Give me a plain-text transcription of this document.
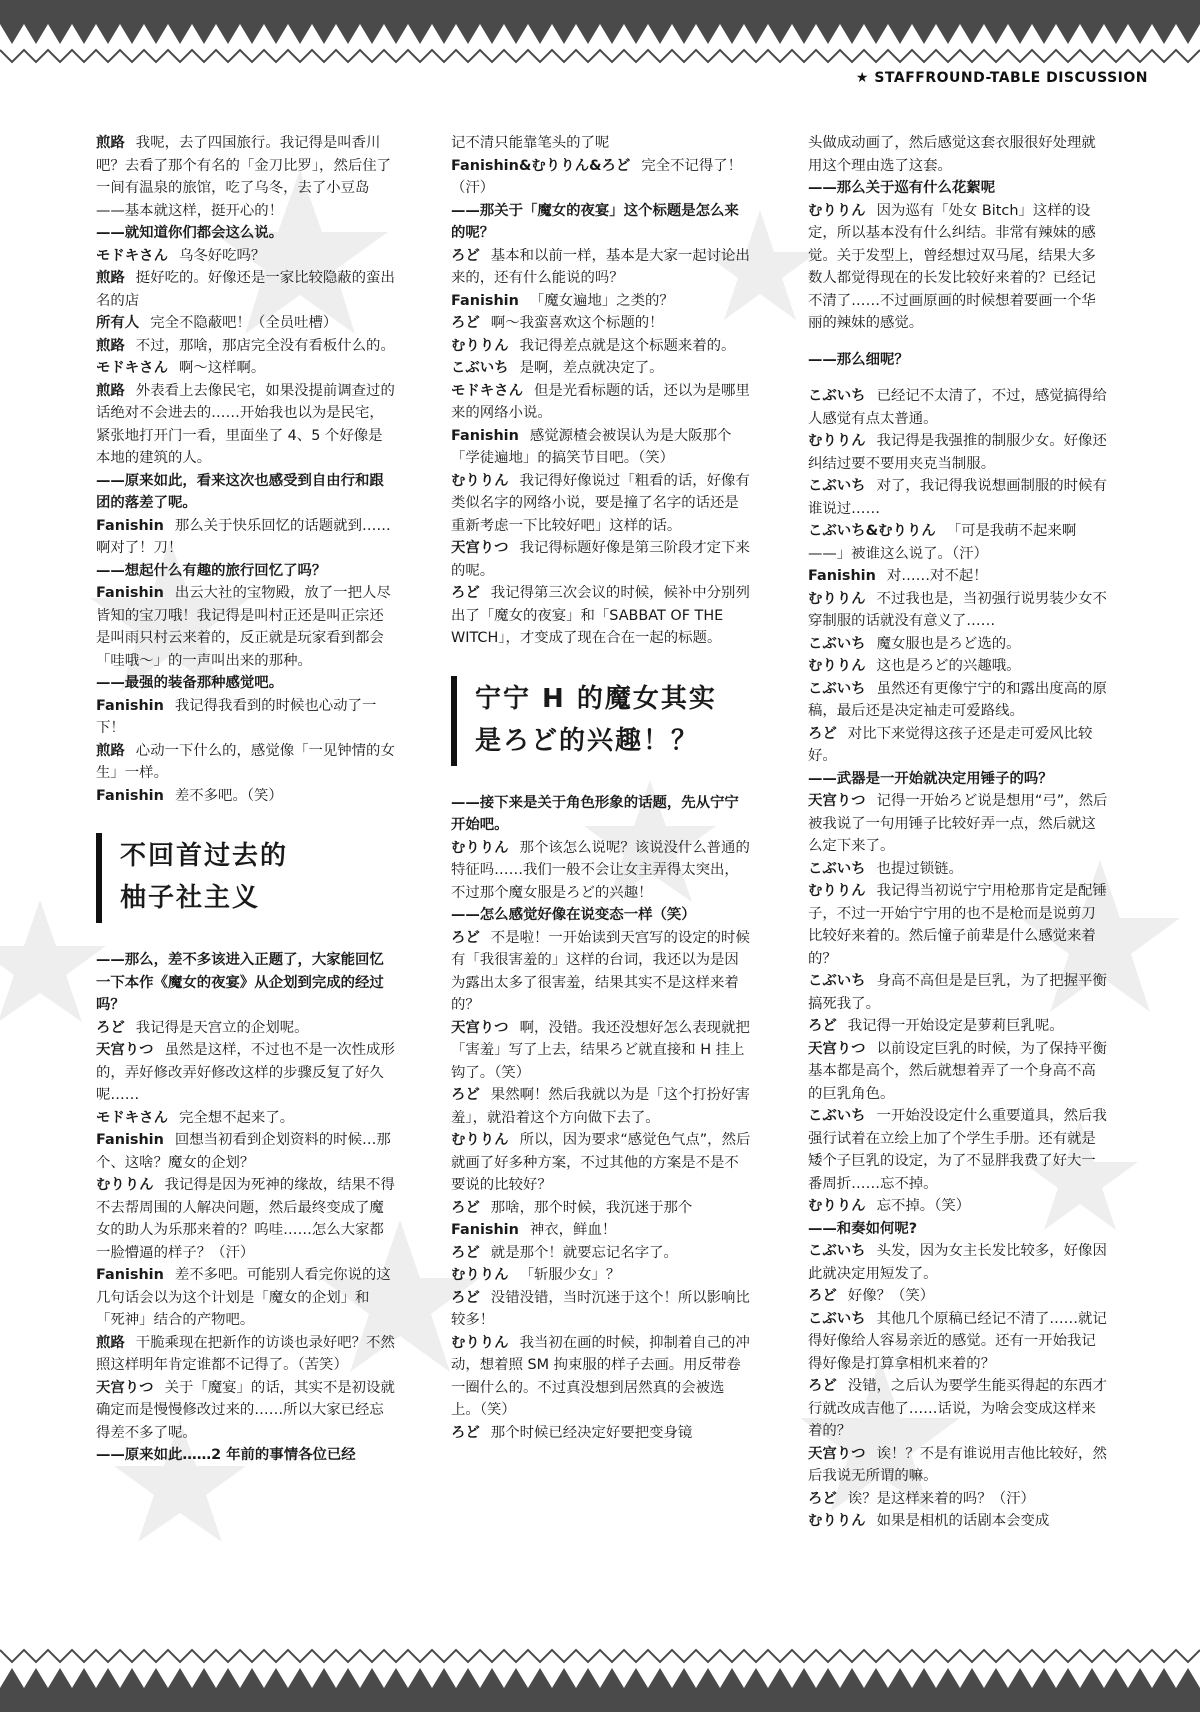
★ STAFFROUND-TABLE DISCUSSION

煎路 我呢，去了四国旅行。我记得是叫香川吧？去看了那个有名的「金刀比罗」，然后住了一间有温泉的旅馆，吃了乌冬，去了小豆岛——基本就这样，挺开心的！

——就知道你们都会这么说。

モドキさん 乌冬好吃吗？

煎路 挺好吃的。好像还是一家比较隐蔽的蛮出名的店

所有人 完全不隐蔽吧！（全员吐槽）

煎路 不过，那啥，那店完全没有看板什么的。

モドキさん 啊～这样啊。

煎路 外表看上去像民宅，如果没提前调查过的话绝对不会进去的……开始我也以为是民宅，紧张地打开门一看，里面坐了 4、5 个好像是本地的建筑的人。

——原来如此，看来这次也感受到自由行和跟团的落差了呢。

Fanishin 那么关于快乐回忆的话题就到……啊对了！刀！

——想起什么有趣的旅行回忆了吗？

Fanishin 出云大社的宝物殿，放了一把人尽皆知的宝刀哦！我记得是叫村正还是叫正宗还是叫雨只村云来着的，反正就是玩家看到都会「哇哦～」的一声叫出来的那种。

——最强的装备那种感觉吧。

Fanishin 我记得我看到的时候也心动了一下！

煎路 心动一下什么的，感觉像「一见钟情的女生」一样。

Fanishin 差不多吧。（笑）

不回首过去的
柚子社主义

——那么，差不多该进入正题了，大家能回忆一下本作《魔女的夜宴》从企划到完成的经过吗？

ろど 我记得是天宫立的企划呢。

天宫りつ 虽然是这样，不过也不是一次性成形的，弄好修改弄好修改这样的步骤反复了好久呢……

モドキさん 完全想不起来了。

Fanishin 回想当初看到企划资料的时候…那个、这啥？魔女的企划？

むりりん 我记得是因为死神的缘故，结果不得不去帮周围的人解决问题，然后最终变成了魔女的助人为乐那来着的？呜哇……怎么大家都一脸懵逼的样子？（汗）

Fanishin 差不多吧。可能别人看完你说的这几句话会以为这个计划是「魔女的企划」和「死神」结合的产物吧。

煎路 干脆乘现在把新作的访谈也录好吧？不然照这样明年肯定谁都不记得了。（苦笑）

天宫りつ 关于「魔宴」的话，其实不是初设就确定而是慢慢修改过来的……所以大家已经忘得差不多了呢。

——原来如此……2 年前的事情各位已经

记不清只能靠笔头的了呢

Fanishin&むりりん&ろど 完全不记得了！（汗）

——那关于「魔女的夜宴」这个标题是怎么来的呢？

ろど 基本和以前一样，基本是大家一起讨论出来的，还有什么能说的吗？

Fanishin 「魔女遍地」之类的？

ろど 啊～我蛮喜欢这个标题的！

むりりん 我记得差点就是这个标题来着的。

こぶいち 是啊，差点就决定了。

モドキさん 但是光看标题的话，还以为是哪里来的网络小说。

Fanishin 感觉源楂会被误认为是大阪那个「学徒遍地」的搞笑节目吧。（笑）

むりりん 我记得好像说过「粗看的话，好像有类似名字的网络小说，要是撞了名字的话还是重新考虑一下比较好吧」这样的话。

天宫りつ 我记得标题好像是第三阶段才定下来的呢。

ろど 我记得第三次会议的时候，候补中分别列出了「魔女的夜宴」和「SABBAT OF THE WITCH」，才变成了现在合在一起的标题。

宁宁 H 的魔女其实
是ろど的兴趣！？

——接下来是关于角色形象的话题，先从宁宁开始吧。

むりりん 那个该怎么说呢？该说没什么普通的特征吗……我们一般不会让女主弄得太突出，不过那个魔女服是ろど的兴趣！

——怎么感觉好像在说变态一样（笑）

ろど 不是啦！一开始读到天宫写的设定的时候有「我很害羞的」这样的台词，我还以为是因为露出太多了很害羞，结果其实不是这样来着的？

天宫りつ 啊，没错。我还没想好怎么表现就把「害羞」写了上去，结果ろど就直接和 H 挂上钩了。（笑）

ろど 果然啊！然后我就以为是「这个打扮好害羞」，就沿着这个方向做下去了。

むりりん 所以，因为要求“感觉色气点”，然后就画了好多种方案，不过其他的方案是不是不要说的比较好？

ろど 那啥，那个时候，我沉迷于那个

Fanishin 神衣，鲜血！

ろど 就是那个！就要忘记名字了。

むりりん 「斩服少女」？

ろど 没错没错，当时沉迷于这个！所以影响比较多！

むりりん 我当初在画的时候，抑制着自己的冲动，想着照 SM 拘束服的样子去画。用反带卷一圈什么的。不过真没想到居然真的会被选上。（笑）

ろど 那个时候已经决定好要把变身镜

头做成动画了，然后感觉这套衣服很好处理就用这个理由选了这套。

——那么关于巡有什么花絮呢

むりりん 因为巡有「处女 Bitch」这样的设定，所以基本没有什么纠结。非常有辣妹的感觉。关于发型上，曾经想过双马尾，结果大多数人都觉得现在的长发比较好来着的？已经记不清了……不过画原画的时候想着要画一个华丽的辣妹的感觉。

——那么细呢？

こぶいち 已经记不太清了，不过，感觉搞得给人感觉有点太普通。

むりりん 我记得是我强推的制服少女。好像还纠结过要不要用夹克当制服。

こぶいち 对了，我记得我说想画制服的时候有谁说过……

こぶいち&むりりん 「可是我萌不起来啊——」被谁这么说了。（汗）

Fanishin 对……对不起！

むりりん 不过我也是，当初强行说男装少女不穿制服的话就没有意义了……

こぶいち 魔女服也是ろど选的。

むりりん 这也是ろど的兴趣哦。

こぶいち 虽然还有更像宁宁的和露出度高的原稿，最后还是决定袖走可爱路线。

ろど 对比下来觉得这孩子还是走可爱风比较好。

——武器是一开始就决定用锤子的吗？

天宫りつ 记得一开始ろど说是想用“弓”，然后被我说了一句用锤子比较好弄一点，然后就这么定下来了。

こぶいち 也提过锁链。

むりりん 我记得当初说宁宁用枪那肯定是配锤子，不过一开始宁宁用的也不是枪而是说剪刀比较好来着的。然后憧子前辈是什么感觉来着的？

こぶいち 身高不高但是是巨乳，为了把握平衡搞死我了。

ろど 我记得一开始设定是萝莉巨乳呢。

天宫りつ 以前设定巨乳的时候，为了保持平衡基本都是高个，然后就想着弄了一个身高不高的巨乳角色。

こぶいち 一开始没设定什么重要道具，然后我强行试着在立绘上加了个学生手册。还有就是矮个子巨乳的设定，为了不显胖我费了好大一番周折……忘不掉。

むりりん 忘不掉。（笑）

——和奏如何呢?

こぶいち 头发，因为女主长发比较多，好像因此就决定用短发了。

ろど 好像？（笑）

こぶいち 其他几个原稿已经记不清了……就记得好像给人容易亲近的感觉。还有一开始我记得好像是打算拿相机来着的？

ろど 没错，之后认为要学生能买得起的东西才行就改成吉他了……话说，为啥会变成这样来着的？

天宫りつ 诶！？不是有谁说用吉他比较好，然后我说无所谓的嘛。

ろど 诶？是这样来着的吗？（汗）

むりりん 如果是相机的话剧本会变成
